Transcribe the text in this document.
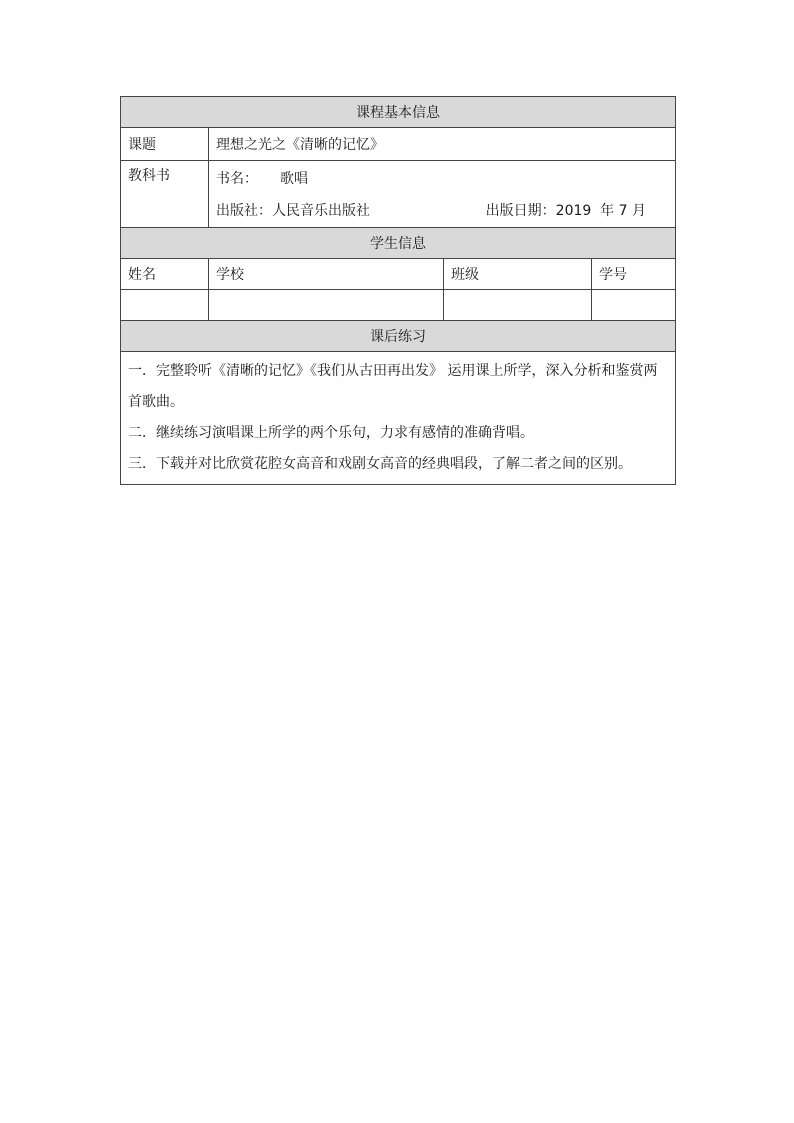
课程基本信息			
课题	理想之光之《清晰的记忆》		
教科书	书名： 歌唱
出版社：人民音乐出版社 出版日期：2019  年 7 月		

学生信息			
姓名	学校	班级	学号

课后练习			

一．完整聆听《清晰的记忆》《我们从古田再出发》 运用课上所学，深入分析和鉴赏两首歌曲。
二．继续练习演唱课上所学的两个乐句，力求有感情的准确背唱。
三．下载并对比欣赏花腔女高音和戏剧女高音的经典唱段，了解二者之间的区别。			
